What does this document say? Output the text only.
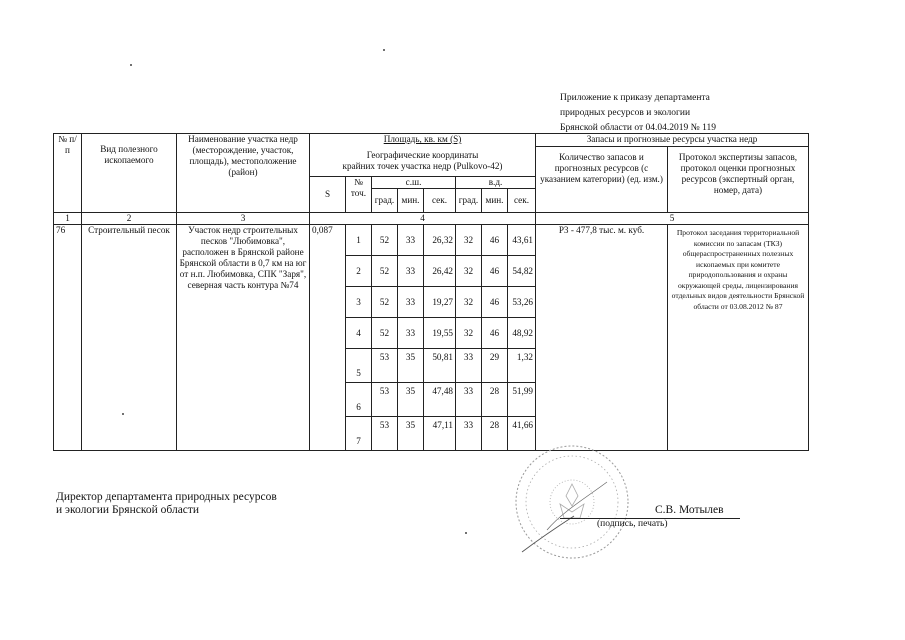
Приложение к приказу департамента
природных ресурсов и экологии
Брянской области от 04.04.2019 № 119
№ п/п	Вид полезного ископаемого	Наименование участка недр (месторождение, участок, площадь), местоположение (район)	Площадь, кв. км (S)								Запасы и прогнозные ресурсы участка недр	

			Географические координаты
крайних точек участка недр (Pulkovo-42)								Количество запасов и прогнозных ресурсов (с указанием категории) (ед. изм.)	Протокол экспертизы запасов, протокол оценки прогнозных ресурсов (экспертный орган, номер, дата)
			S	№ точ.	с.ш.			в.д.				
					град.	мин.	сек.	град.	мин.	сек.		
1	2	3	4								5	
76	Строительный песок	Участок недр строительных песков "Любимовка", расположен в Брянской районе Брянской области в 0,7 км на юг от н.п. Любимовка, СПК "Заря", северная часть контура №74	0,087	1	52	33	26,32	32	46	43,61	Р3 - 477,8 тыс. м. куб.	Протокол заседания территориальной комиссии по запасам (ТКЗ) общераспространенных полезных ископаемых при комитете природопользования и охраны окружающей среды, лицензирования отдельных видов деятельности Брянской области от 03.08.2012 № 87
				2	52	33	26,42	32	46	54,82		
				3	52	33	19,27	32	46	53,26		
				4	52	33	19,55	32	46	48,92		
				5	53	35	50,81	33	29	1,32		
				6	53	35	47,48	33	28	51,99		
				7	53	35	47,11	33	28	41,66		
Директор департамента природных ресурсов
и экологии Брянской области	С.В. Мотылев
(подпись, печать)
